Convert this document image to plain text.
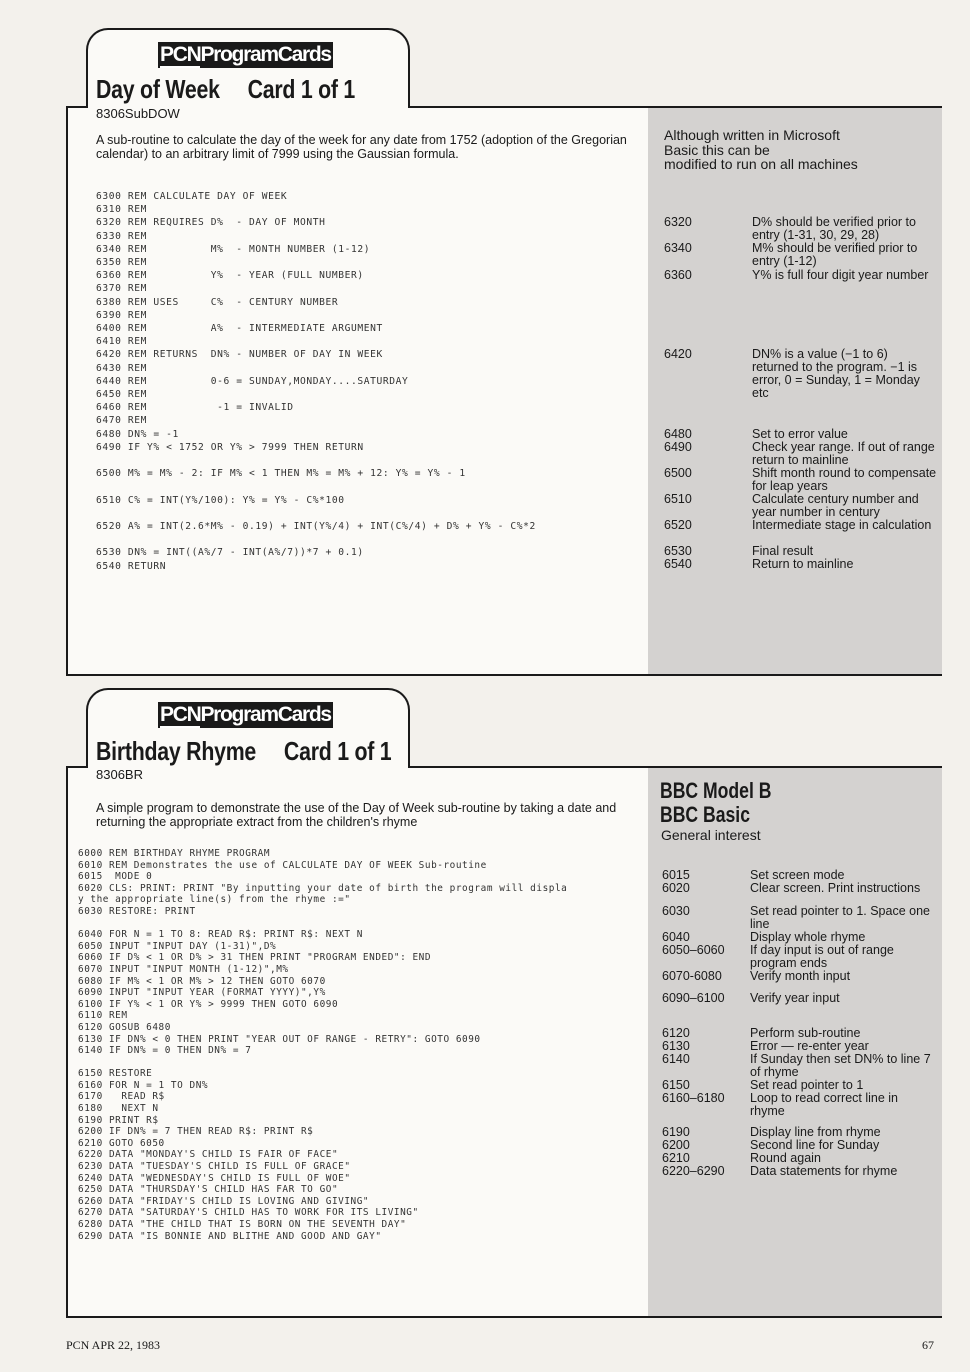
PCNProgramCards
Day of Week Card 1 of 1
8306SubDOW
A sub-routine to calculate the day of the week for any date from 1752 (adoption of the Gregorian calendar) to an arbitrary limit of 7999 using the Gaussian formula.
Although written in Microsoft
Basic this can be
modified to run on all machines
6300 REM CALCULATE DAY OF WEEK
6310 REM
6320 REM REQUIRES D%  - DAY OF MONTH
6330 REM
6340 REM          M%  - MONTH NUMBER (1-12)
6350 REM
6360 REM          Y%  - YEAR (FULL NUMBER)
6370 REM
6380 REM USES     C%  - CENTURY NUMBER
6390 REM
6400 REM          A%  - INTERMEDIATE ARGUMENT
6410 REM
6420 REM RETURNS  DN% - NUMBER OF DAY IN WEEK
6430 REM
6440 REM          0-6 = SUNDAY,MONDAY....SATURDAY
6450 REM
6460 REM           -1 = INVALID
6470 REM
6480 DN% = -1
6490 IF Y% < 1752 OR Y% > 7999 THEN RETURN

6500 M% = M% - 2: IF M% < 1 THEN M% = M% + 12: Y% = Y% - 1

6510 C% = INT(Y%/100): Y% = Y% - C%*100

6520 A% = INT(2.6*M% - 0.19) + INT(Y%/4) + INT(C%/4) + D% + Y% - C%*2

6530 DN% = INT((A%/7 - INT(A%/7))*7 + 0.1)
6540 RETURN
6320	D% should be verified prior to entry (1-31, 30, 29, 28)
6340	M% should be verified prior to entry (1-12)
6360	Y% is full four digit year number
6420	DN% is a value (−1 to 6) returned to the program. −1 is error, 0 = Sunday, 1 = Monday etc
6480	Set to error value
6490	Check year range. If out of range return to mainline
6500	Shift month round to compensate for leap years
6510	Calculate century number and year number in century
6520	Intermediate stage in calculation
6530	Final result
6540	Return to mainline
PCNProgramCards
Birthday Rhyme Card 1 of 1
8306BR
A simple program to demonstrate the use of the Day of Week sub-routine by taking a date and returning the appropriate extract from the children's rhyme
BBC Model B
BBC Basic
General interest
6000 REM BIRTHDAY RHYME PROGRAM
6010 REM Demonstrates the use of CALCULATE DAY OF WEEK Sub-routine
6015  MODE 0
6020 CLS: PRINT: PRINT "By inputting your date of birth the program will displa
y the appropriate line(s) from the rhyme :="
6030 RESTORE: PRINT

6040 FOR N = 1 TO 8: READ R$: PRINT R$: NEXT N
6050 INPUT "INPUT DAY (1-31)",D%
6060 IF D% < 1 OR D% > 31 THEN PRINT "PROGRAM ENDED": END
6070 INPUT "INPUT MONTH (1-12)",M%
6080 IF M% < 1 OR M% > 12 THEN GOTO 6070
6090 INPUT "INPUT YEAR (FORMAT YYYY)",Y%
6100 IF Y% < 1 OR Y% > 9999 THEN GOTO 6090
6110 REM
6120 GOSUB 6480
6130 IF DN% < 0 THEN PRINT "YEAR OUT OF RANGE - RETRY": GOTO 6090
6140 IF DN% = 0 THEN DN% = 7

6150 RESTORE
6160 FOR N = 1 TO DN%
6170   READ R$
6180   NEXT N
6190 PRINT R$
6200 IF DN% = 7 THEN READ R$: PRINT R$
6210 GOTO 6050
6220 DATA "MONDAY'S CHILD IS FAIR OF FACE"
6230 DATA "TUESDAY'S CHILD IS FULL OF GRACE"
6240 DATA "WEDNESDAY'S CHILD IS FULL OF WOE"
6250 DATA "THURSDAY'S CHILD HAS FAR TO GO"
6260 DATA "FRIDAY'S CHILD IS LOVING AND GIVING"
6270 DATA "SATURDAY'S CHILD HAS TO WORK FOR ITS LIVING"
6280 DATA "THE CHILD THAT IS BORN ON THE SEVENTH DAY"
6290 DATA "IS BONNIE AND BLITHE AND GOOD AND GAY"
6015	Set screen mode
6020	Clear screen. Print instructions
6030	Set read pointer to 1. Space one line
6040	Display whole rhyme
6050–6060 If day input is out of range program ends
6070-6080 Verify month input
6090–6100 Verify year input
6120	Perform sub-routine
6130	Error — re-enter year
6140	If Sunday then set DN% to line 7 of rhyme
6150	Set read pointer to 1
6160–6180 Loop to read correct line in rhyme
6190	Display line from rhyme
6200	Second line for Sunday
6210	Round again
6220–6290 Data statements for rhyme
PCN APR 22, 1983	67
